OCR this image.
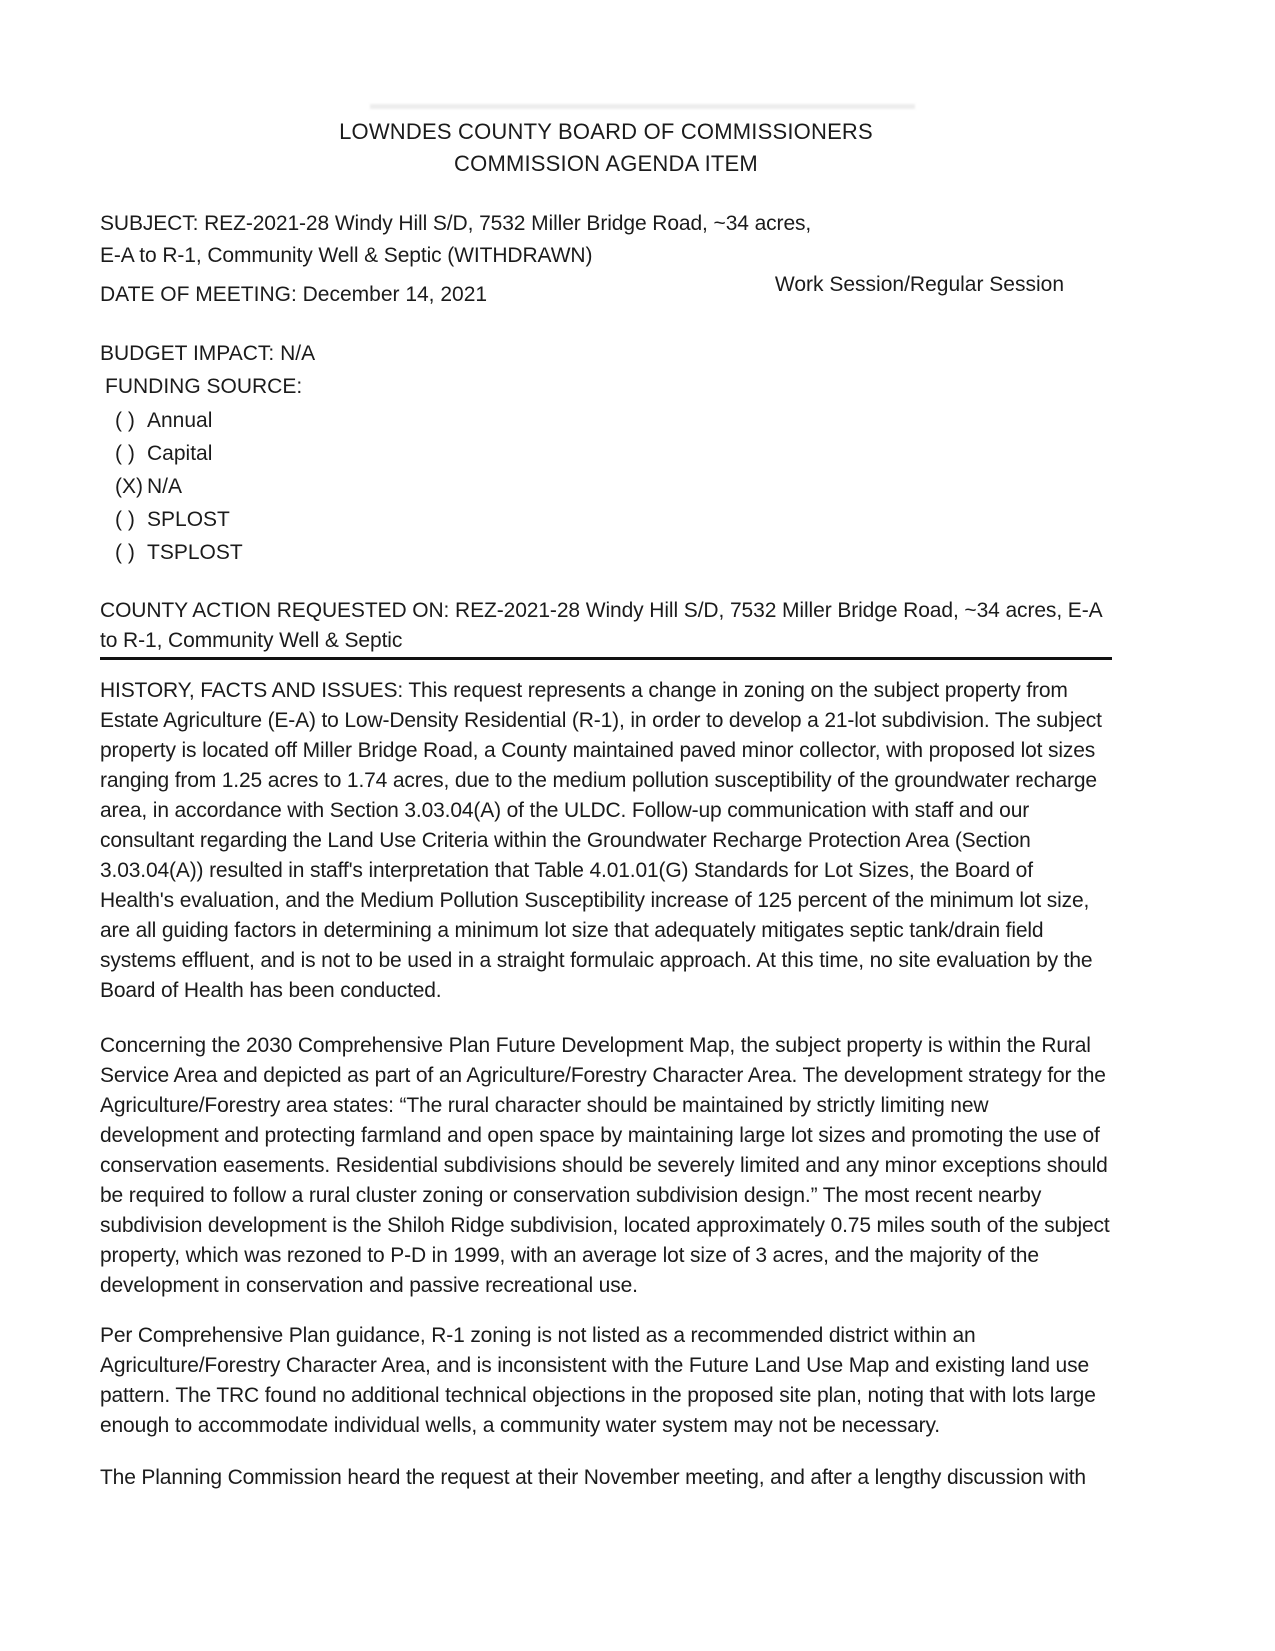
LOWNDES COUNTY BOARD OF COMMISSIONERS
COMMISSION AGENDA ITEM
SUBJECT: REZ-2021-28 Windy Hill S/D, 7532 Miller Bridge Road, ~34 acres,
E-A to R-1, Community Well & Septic (WITHDRAWN)
DATE OF MEETING: December 14, 2021	Work Session/Regular Session
BUDGET IMPACT: N/A
FUNDING SOURCE:
( ) Annual
( ) Capital
(X) N/A
( ) SPLOST
( ) TSPLOST
COUNTY ACTION REQUESTED ON: REZ-2021-28 Windy Hill S/D, 7532 Miller Bridge Road, ~34 acres, E-A to R-1, Community Well & Septic

HISTORY, FACTS AND ISSUES: This request represents a change in zoning on the subject property from Estate Agriculture (E-A) to Low-Density Residential (R-1), in order to develop a 21-lot subdivision. The subject property is located off Miller Bridge Road, a County maintained paved minor collector, with proposed lot sizes ranging from 1.25 acres to 1.74 acres, due to the medium pollution susceptibility of the groundwater recharge area, in accordance with Section 3.03.04(A) of the ULDC. Follow-up communication with staff and our consultant regarding the Land Use Criteria within the Groundwater Recharge Protection Area (Section 3.03.04(A)) resulted in staff's interpretation that Table 4.01.01(G) Standards for Lot Sizes, the Board of Health's evaluation, and the Medium Pollution Susceptibility increase of 125 percent of the minimum lot size, are all guiding factors in determining a minimum lot size that adequately mitigates septic tank/drain field systems effluent, and is not to be used in a straight formulaic approach. At this time, no site evaluation by the Board of Health has been conducted.

Concerning the 2030 Comprehensive Plan Future Development Map, the subject property is within the Rural Service Area and depicted as part of an Agriculture/Forestry Character Area. The development strategy for the Agriculture/Forestry area states: “The rural character should be maintained by strictly limiting new development and protecting farmland and open space by maintaining large lot sizes and promoting the use of conservation easements. Residential subdivisions should be severely limited and any minor exceptions should be required to follow a rural cluster zoning or conservation subdivision design.” The most recent nearby subdivision development is the Shiloh Ridge subdivision, located approximately 0.75 miles south of the subject property, which was rezoned to P-D in 1999, with an average lot size of 3 acres, and the majority of the development in conservation and passive recreational use.

Per Comprehensive Plan guidance, R-1 zoning is not listed as a recommended district within an Agriculture/Forestry Character Area, and is inconsistent with the Future Land Use Map and existing land use pattern. The TRC found no additional technical objections in the proposed site plan, noting that with lots large enough to accommodate individual wells, a community water system may not be necessary.

The Planning Commission heard the request at their November meeting, and after a lengthy discussion with
